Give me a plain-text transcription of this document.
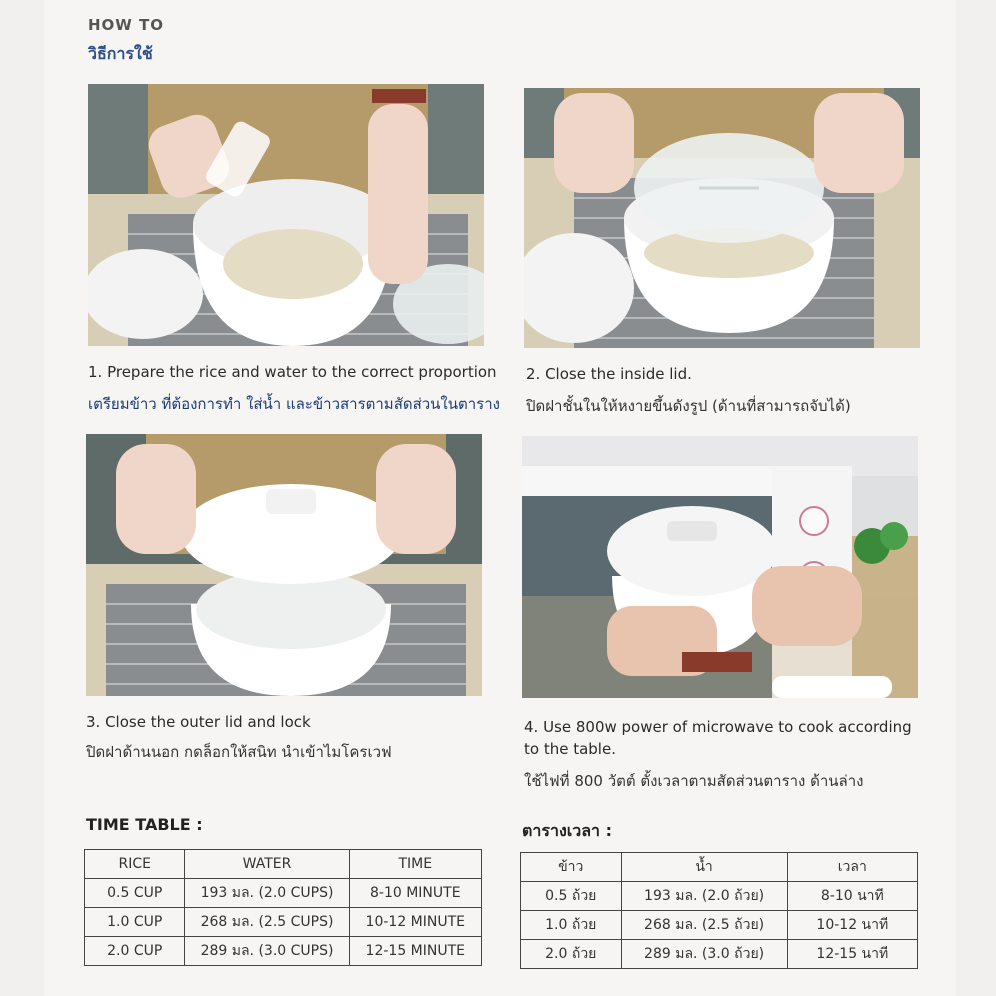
HOW TO
วิธีการใช้
1. Prepare the rice and water to the correct proportion
เตรียมข้าว ที่ต้องการทำ ใส่น้ำ และข้าวสารตามสัดส่วนในตาราง
2. Close the inside lid.
ปิดฝาชั้นในให้หงายขึ้นดังรูป (ด้านที่สามารถจับได้)
3. Close the outer lid and lock
ปิดฝาด้านนอก กดล็อกให้สนิท นำเข้าไมโครเวฟ
4. Use 800w power of microwave to cook according
to the table.
ใช้ไฟที่ 800 วัตต์ ตั้งเวลาตามสัดส่วนตาราง ด้านล่าง
TIME TABLE :	ตารางเวลา :
RICE	WATER	TIME
0.5 CUP	193 มล. (2.0 CUPS)	8-10 MINUTE
1.0 CUP	268 มล. (2.5 CUPS)	10-12 MINUTE
2.0 CUP	289 มล. (3.0 CUPS)	12-15 MINUTE
ข้าว	น้ำ	เวลา
0.5 ถ้วย	193 มล. (2.0 ถ้วย)	8-10 นาที
1.0 ถ้วย	268 มล. (2.5 ถ้วย)	10-12 นาที
2.0 ถ้วย	289 มล. (3.0 ถ้วย)	12-15 นาที
